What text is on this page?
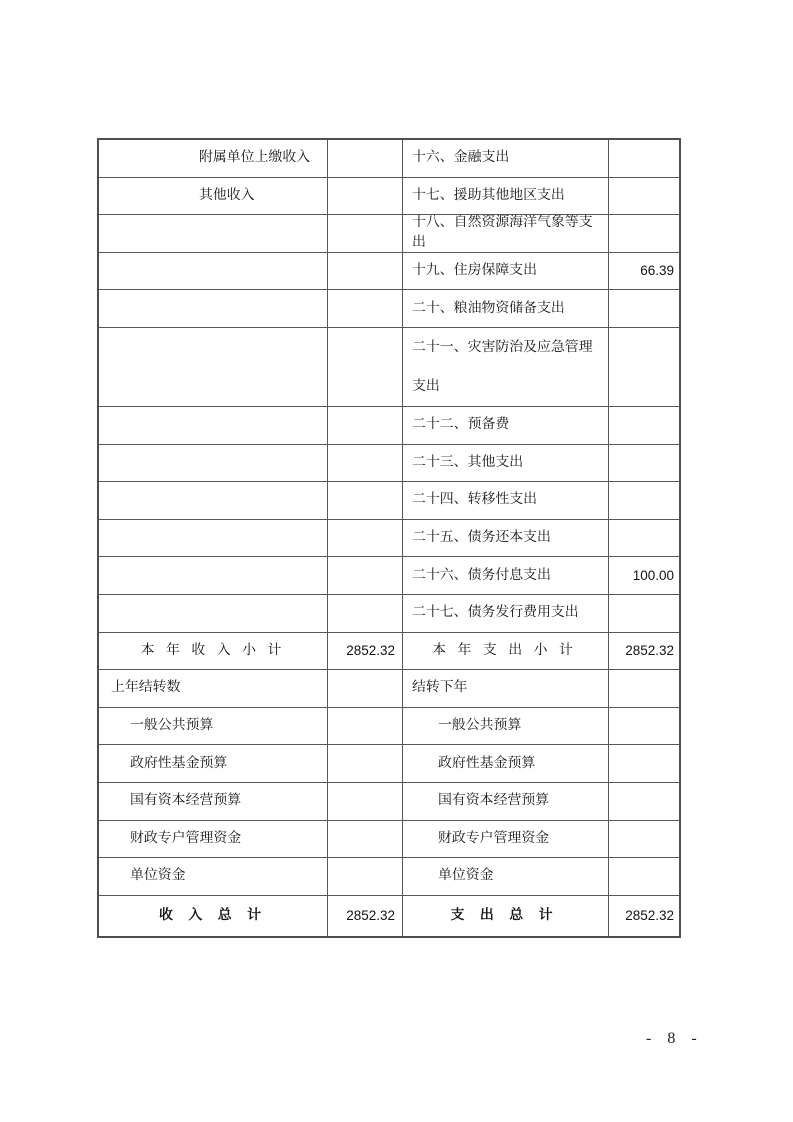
附属单位上缴收入	十六、金融支出
其他收入	十七、援助其他地区支出
十八、自然资源海洋气象等支出
十九、住房保障支出	66.39
二十、粮油物资储备支出
二十一、灾害防治及应急管理支出
二十二、预备费
二十三、其他支出
二十四、转移性支出
二十五、债务还本支出
二十六、债务付息支出	100.00
二十七、债务发行费用支出
本 年 收 入 小 计	2852.32	本 年 支 出 小 计	2852.32
上年结转数	结转下年
一般公共预算	一般公共预算
政府性基金预算	政府性基金预算
国有资本经营预算	国有资本经营预算
财政专户管理资金	财政专户管理资金
单位资金	单位资金
收 入 总 计	2852.32	支 出 总 计	2852.32
- 8 -
